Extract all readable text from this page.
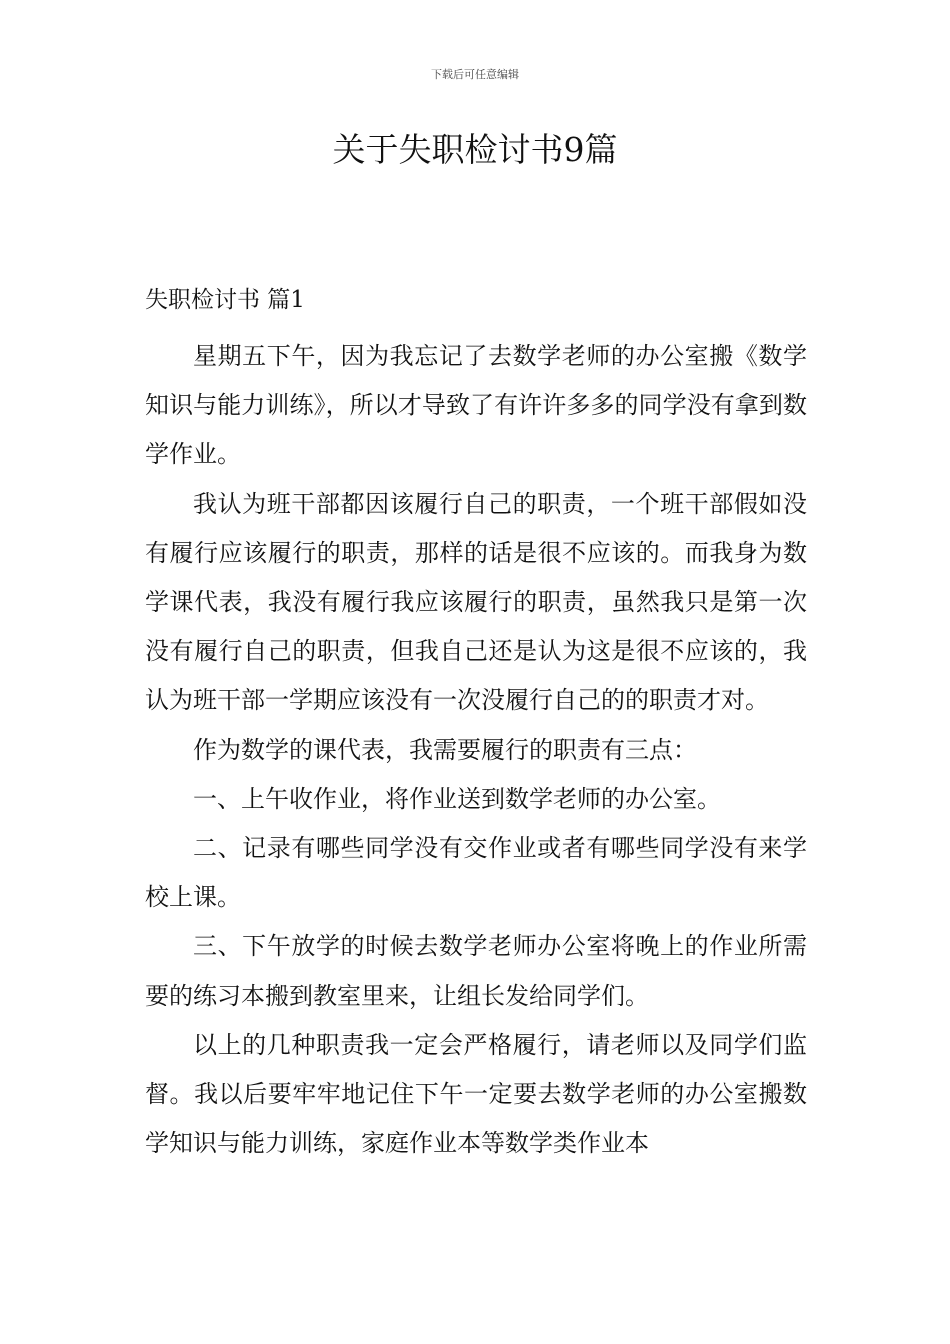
下载后可任意编辑
关于失职检讨书9篇
失职检讨书 篇1

星期五下午，因为我忘记了去数学老师的办公室搬《数学知识与能力训练》，所以才导致了有许许多多的同学没有拿到数学作业。

我认为班干部都因该履行自己的职责，一个班干部假如没有履行应该履行的职责，那样的话是很不应该的。而我身为数学课代表，我没有履行我应该履行的职责，虽然我只是第一次没有履行自己的职责，但我自己还是认为这是很不应该的，我认为班干部一学期应该没有一次没履行自己的的职责才对。

作为数学的课代表，我需要履行的职责有三点：

一、上午收作业，将作业送到数学老师的办公室。

二、记录有哪些同学没有交作业或者有哪些同学没有来学校上课。

三、下午放学的时候去数学老师办公室将晚上的作业所需要的练习本搬到教室里来，让组长发给同学们。

以上的几种职责我一定会严格履行，请老师以及同学们监督。我以后要牢牢地记住下午一定要去数学老师的办公室搬数学知识与能力训练，家庭作业本等数学类作业本
